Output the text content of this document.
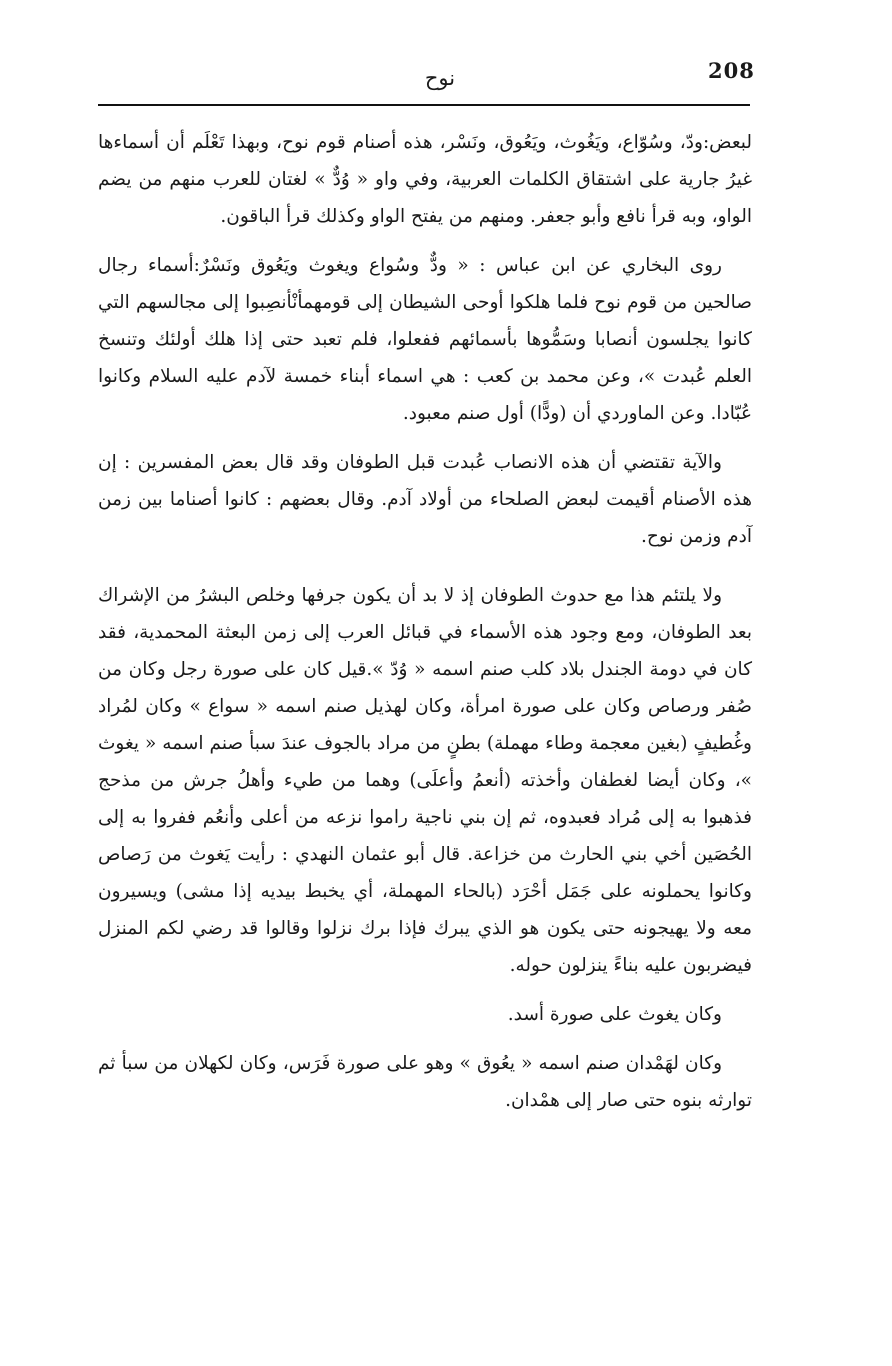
208
نوح

لبعض:ودّ، وسُوّاع، ويَغُوث، ويَعُوق، ونَسْر، هذه أصنام قوم نوح، وبهذا تَعْلَم أن أسماءها غيرُ جارية على اشتقاق الكلمات العربية، وفي واو « وُدٌّ » لغتان للعرب منهم من يضم الواو، وبه قرأ نافع وأبو جعفر. ومنهم من يفتح الواو وكذلك قرأ الباقون.

روى البخاري عن ابن عباس : « ودٌّ وسُواع ويغوث ويَعُوق ونَسْرٌ:أسماء رجال صالحين من قوم نوح فلما هلكوا أوحى الشيطان إلى قومهمأنْأنصِبوا إلى مجالسهم التي كانوا يجلسون أنصابا وسَمُّوها بأسمائهم ففعلوا، فلم تعبد حتى إذا هلك أولئك وتنسخ العلم عُبدت »، وعن محمد بن كعب : هي اسماء أبناء خمسة لآدم عليه السلام وكانوا عُبّادا. وعن الماوردي أن (ودًّا) أول صنم معبود.

والآية تقتضي أن هذه الانصاب عُبدت قبل الطوفان وقد قال بعض المفسرين : إن هذه الأصنام أقيمت لبعض الصلحاء من أولاد آدم. وقال بعضهم : كانوا أصناما بين زمن آدم وزمن نوح.

ولا يلتئم هذا مع حدوث الطوفان إذ لا بد أن يكون جرفها وخلص البشرُ من الإشراك بعد الطوفان، ومع وجود هذه الأسماء في قبائل العرب إلى زمن البعثة المحمدية، فقد كان في دومة الجندل بلاد كلب صنم اسمه « وُدّ ».قيل كان على صورة رجل وكان من صُفر ورصاص وكان على صورة امرأة، وكان لهذيل صنم اسمه « سواع » وكان لمُراد وغُطيفٍ (بغين معجمة وطاء مهملة) بطنٍ من مراد بالجوف عندَ سبأ صنم اسمه « يغوث »، وكان أيضا لغطفان وأخذته (أنعمُ وأعلَى) وهما من طيء وأهلُ جرش من مذحج فذهبوا به إلى مُراد فعبدوه، ثم إن بني ناجية راموا نزعه من أعلى وأنعُم ففروا به إلى الحُصَين أخي بني الحارث من خزاعة. قال أبو عثمان النهدي : رأيت يَغوث من رَصاص وكانوا يحملونه على جَمَل أحْرَد (بالحاء المهملة، أي يخبط بيديه إذا مشى) ويسيرون معه ولا يهيجونه حتى يكون هو الذي يبرك فإذا برك نزلوا وقالوا قد رضي لكم المنزل فيضربون عليه بناءً ينزلون حوله.

وكان يغوث على صورة أسد.

وكان لهَمْدان صنم اسمه « يعُوق » وهو على صورة فَرَس، وكان لكهلان من سبأ ثم توارثه بنوه حتى صار إلى همْدان.
